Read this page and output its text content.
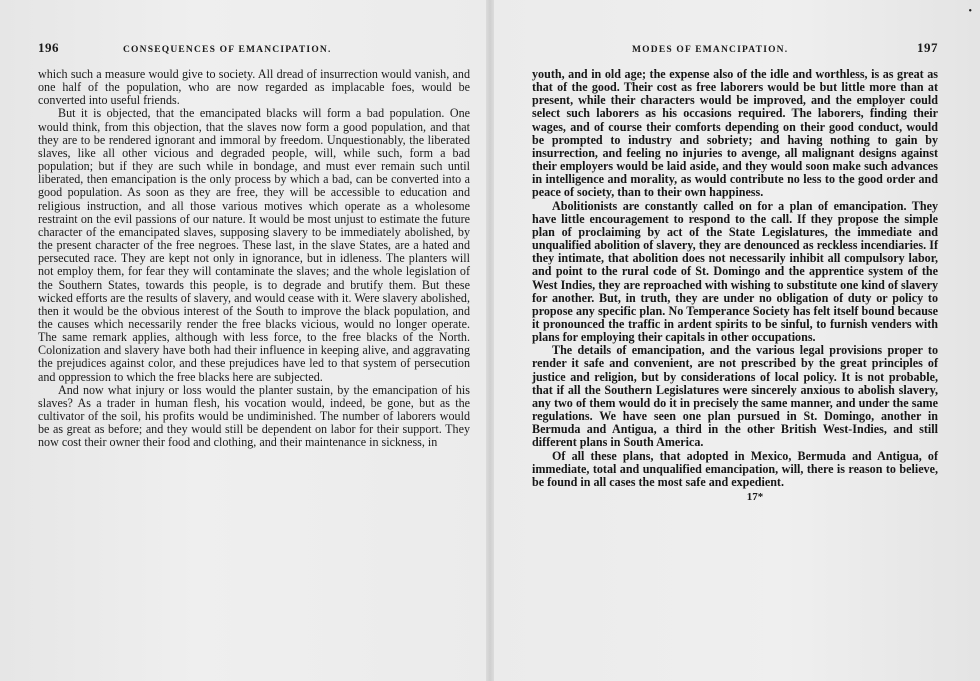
196	CONSEQUENCES OF EMANCIPATION.

which such a measure would give to society. All dread of insurrection would vanish, and one half of the population, who are now regarded as implacable foes, would be converted into useful friends.

But it is objected, that the emancipated blacks will form a bad population. One would think, from this objection, that the slaves now form a good population, and that they are to be rendered ignorant and immoral by freedom. Unquestionably, the liberated slaves, like all other vicious and degraded people, will, while such, form a bad population; but if they are such while in bondage, and must ever remain such until liberated, then emancipation is the only process by which a bad, can be converted into a good population. As soon as they are free, they will be accessible to education and religious instruction, and all those various motives which operate as a wholesome restraint on the evil passions of our nature. It would be most unjust to estimate the future character of the emancipated slaves, supposing slavery to be immediately abolished, by the present character of the free negroes. These last, in the slave States, are a hated and persecuted race. They are kept not only in ignorance, but in idleness. The planters will not employ them, for fear they will contaminate the slaves; and the whole legislation of the Southern States, towards this people, is to degrade and brutify them. But these wicked efforts are the results of slavery, and would cease with it. Were slavery abolished, then it would be the obvious interest of the South to improve the black population, and the causes which necessarily render the free blacks vicious, would no longer operate. The same remark applies, although with less force, to the free blacks of the North. Colonization and slavery have both had their influence in keeping alive, and aggravating the prejudices against color, and these prejudices have led to that system of persecution and oppression to which the free blacks here are subjected.

And now what injury or loss would the planter sustain, by the emancipation of his slaves? As a trader in human flesh, his vocation would, indeed, be gone, but as the cultivator of the soil, his profits would be undiminished. The number of laborers would be as great as before; and they would still be dependent on labor for their support. They now cost their owner their food and clothing, and their maintenance in sickness, in

MODES OF EMANCIPATION.	197

youth, and in old age; the expense also of the idle and worthless, is as great as that of the good. Their cost as free laborers would be but little more than at present, while their characters would be improved, and the employer could select such laborers as his occasions required. The laborers, finding their wages, and of course their comforts depending on their good conduct, would be prompted to industry and sobriety; and having nothing to gain by insurrection, and feeling no injuries to avenge, all malignant designs against their employers would be laid aside, and they would soon make such advances in intelligence and morality, as would contribute no less to the good order and peace of society, than to their own happiness.

Abolitionists are constantly called on for a plan of emancipation. They have little encouragement to respond to the call. If they propose the simple plan of proclaiming by act of the State Legislatures, the immediate and unqualified abolition of slavery, they are denounced as reckless incendiaries. If they intimate, that abolition does not necessarily inhibit all compulsory labor, and point to the rural code of St. Domingo and the apprentice system of the West Indies, they are reproached with wishing to substitute one kind of slavery for another. But, in truth, they are under no obligation of duty or policy to propose any specific plan. No Temperance Society has felt itself bound because it pronounced the traffic in ardent spirits to be sinful, to furnish venders with plans for employing their capitals in other occupations.

The details of emancipation, and the various legal provisions proper to render it safe and convenient, are not prescribed by the great principles of justice and religion, but by considerations of local policy. It is not probable, that if all the Southern Legislatures were sincerely anxious to abolish slavery, any two of them would do it in precisely the same manner, and under the same regulations. We have seen one plan pursued in St. Domingo, another in Bermuda and Antigua, a third in the other British West-Indies, and still different plans in South America.

Of all these plans, that adopted in Mexico, Bermuda and Antigua, of immediate, total and unqualified emancipation, will, there is reason to believe, be found in all cases the most safe and expedient.

17*
•
